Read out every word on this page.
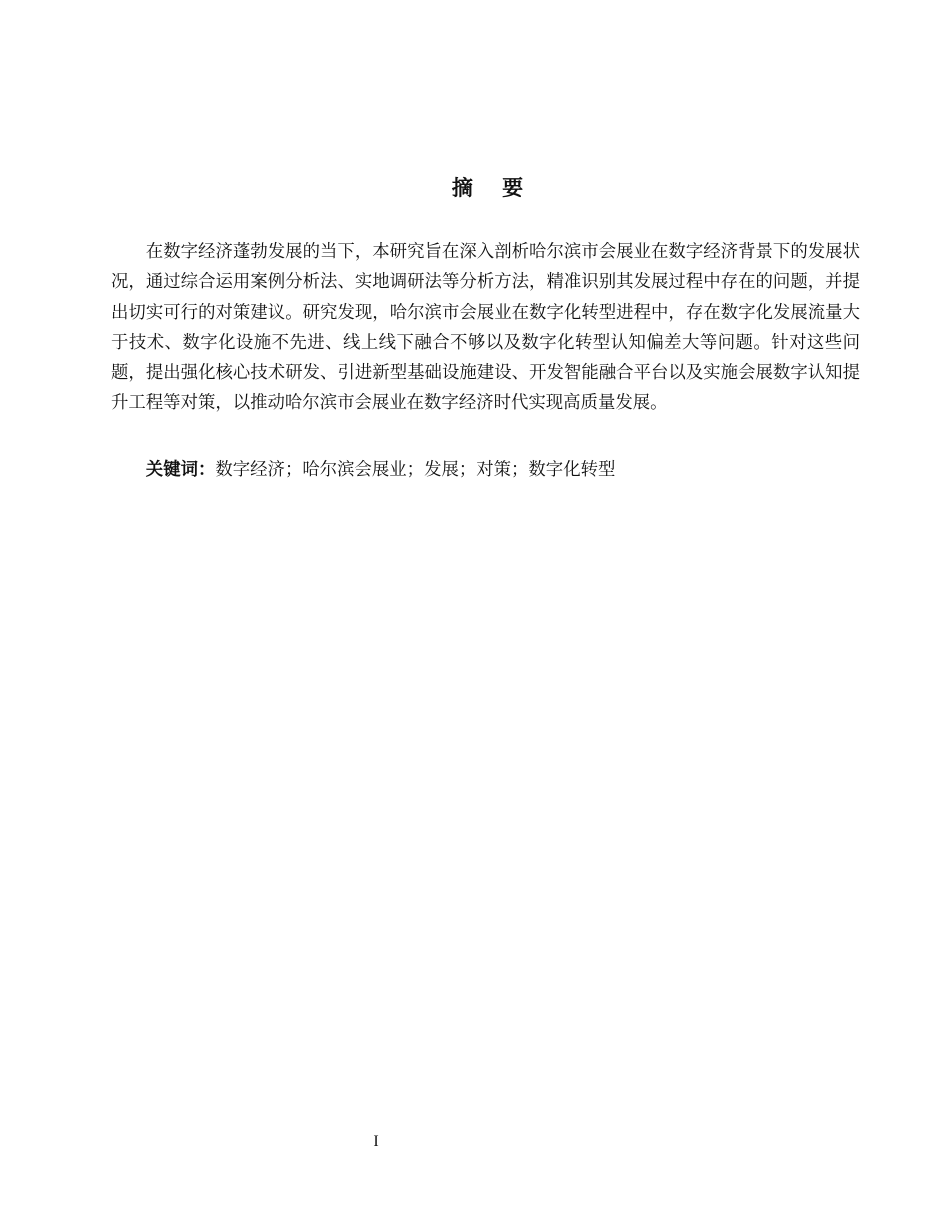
摘    要

在数字经济蓬勃发展的当下，本研究旨在深入剖析哈尔滨市会展业在数字经济背景下的发展状况，通过综合运用案例分析法、实地调研法等分析方法，精准识别其发展过程中存在的问题，并提出切实可行的对策建议。研究发现，哈尔滨市会展业在数字化转型进程中，存在数字化发展流量大于技术、数字化设施不先进、线上线下融合不够以及数字化转型认知偏差大等问题。针对这些问题，提出强化核心技术研发、引进新型基础设施建设、开发智能融合平台以及实施会展数字认知提升工程等对策，以推动哈尔滨市会展业在数字经济时代实现高质量发展。

关键词：数字经济；哈尔滨会展业；发展；对策；数字化转型

I
